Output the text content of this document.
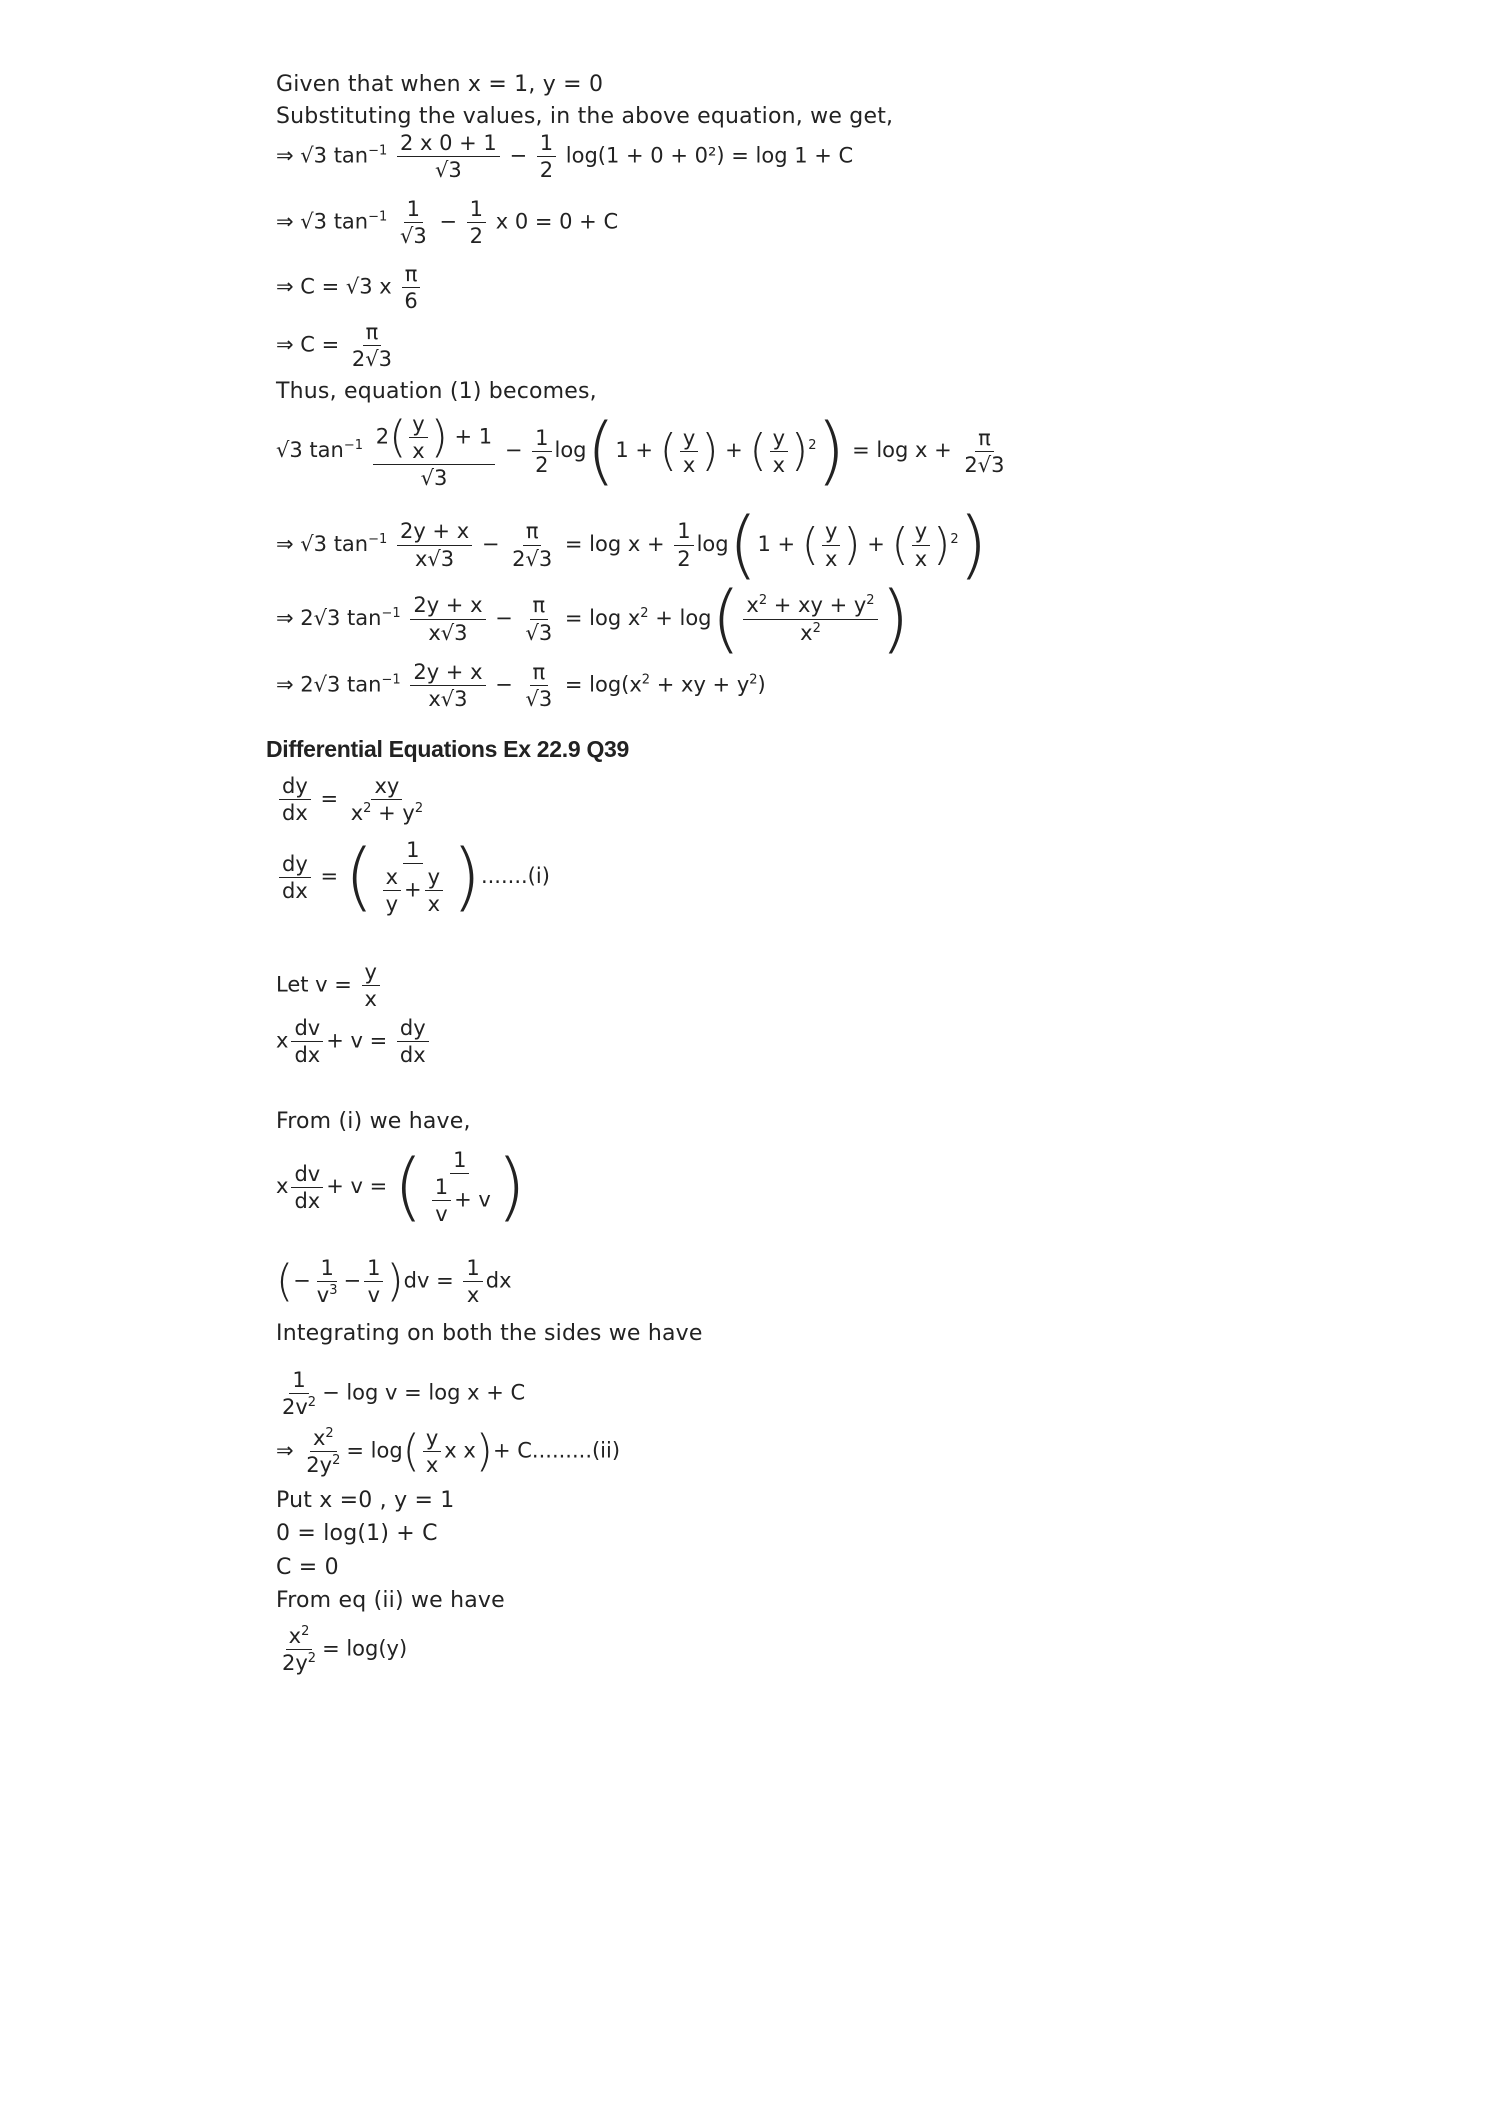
Given that when x = 1, y = 0
Substituting the values, in the above equation, we get,
⇒ √3 $\tan^{-1} \frac{2 x 0 + 1}{√3} - \frac{1}{2} \log(1 + 0 + 0^2) = \log 1 + C$
⇒ √3 $\tan^{-1} \frac{1}{√3} - \frac{1}{2}$ x 0 = 0 + C
⇒ C = √3 x $\frac{\pi}{6}$
⇒ $C = \frac{\pi}{2√3}$
Thus, equation (1) becomes,
√3 $\tan^{-1} \frac{2( \frac{y}{x} ) + 1}{√3} - \frac{1}{2} \log(1$ + ( $\frac{y}{x}$ ) + ( $\frac{y}{x} )^2) = \log x + \frac{\pi}{2√3}$
⇒ √3 $\tan^{-1} \frac{2y + x}{x√3} - \frac{\pi}{2√3} = \log x + \frac{1}{2} \log(1$ + ( $\frac{y}{x}$ ) + ( $\frac{y}{x} )^2$)
⇒ 2√3 $\tan^{-1} \frac{2y + x}{x√3} - \frac{\pi}{√3} = \log x^2 + \log( \frac{x^2 + xy + y^2}{x^2}$ )
⇒ 2√3 $\tan^{-1} \frac{2y + x}{x√3} - \frac{\pi}{√3} = \log(x^2$ + xy + $y^2$)
Differential Equations Ex 22.9 Q39
$\frac{dy}{dx} = \frac{xy}{x^2 + y^2}$
$\frac{dy}{dx}$ = ( $\frac{1}{\frac{x}{y} + \frac{y}{x}} ).......(i)$
Let $v = \frac{y}{x}$
x $\frac{dv}{dx} + v = \frac{dy}{dx}$
From (i) we have,
x $\frac{dv}{dx} + v$ = ( $\frac{1}{\frac{1}{v} + v}$ )
(− $\frac{1}{v^3} - \frac{1}{v} )dv = \frac{1}{x}$ dx
Integrating on both the sides we have
$\frac{1}{2v^2} - \log v = \log x + C$
⇒ $\frac{x^2}{2y^2} = \log( \frac{y}{x}$ x x)+ C.........(ii)
Put x =0 , y = 1
0 = log(1) + C
C = 0
From eq (ii) we have
$\frac{x^2}{2y^2} = \log(y)$
